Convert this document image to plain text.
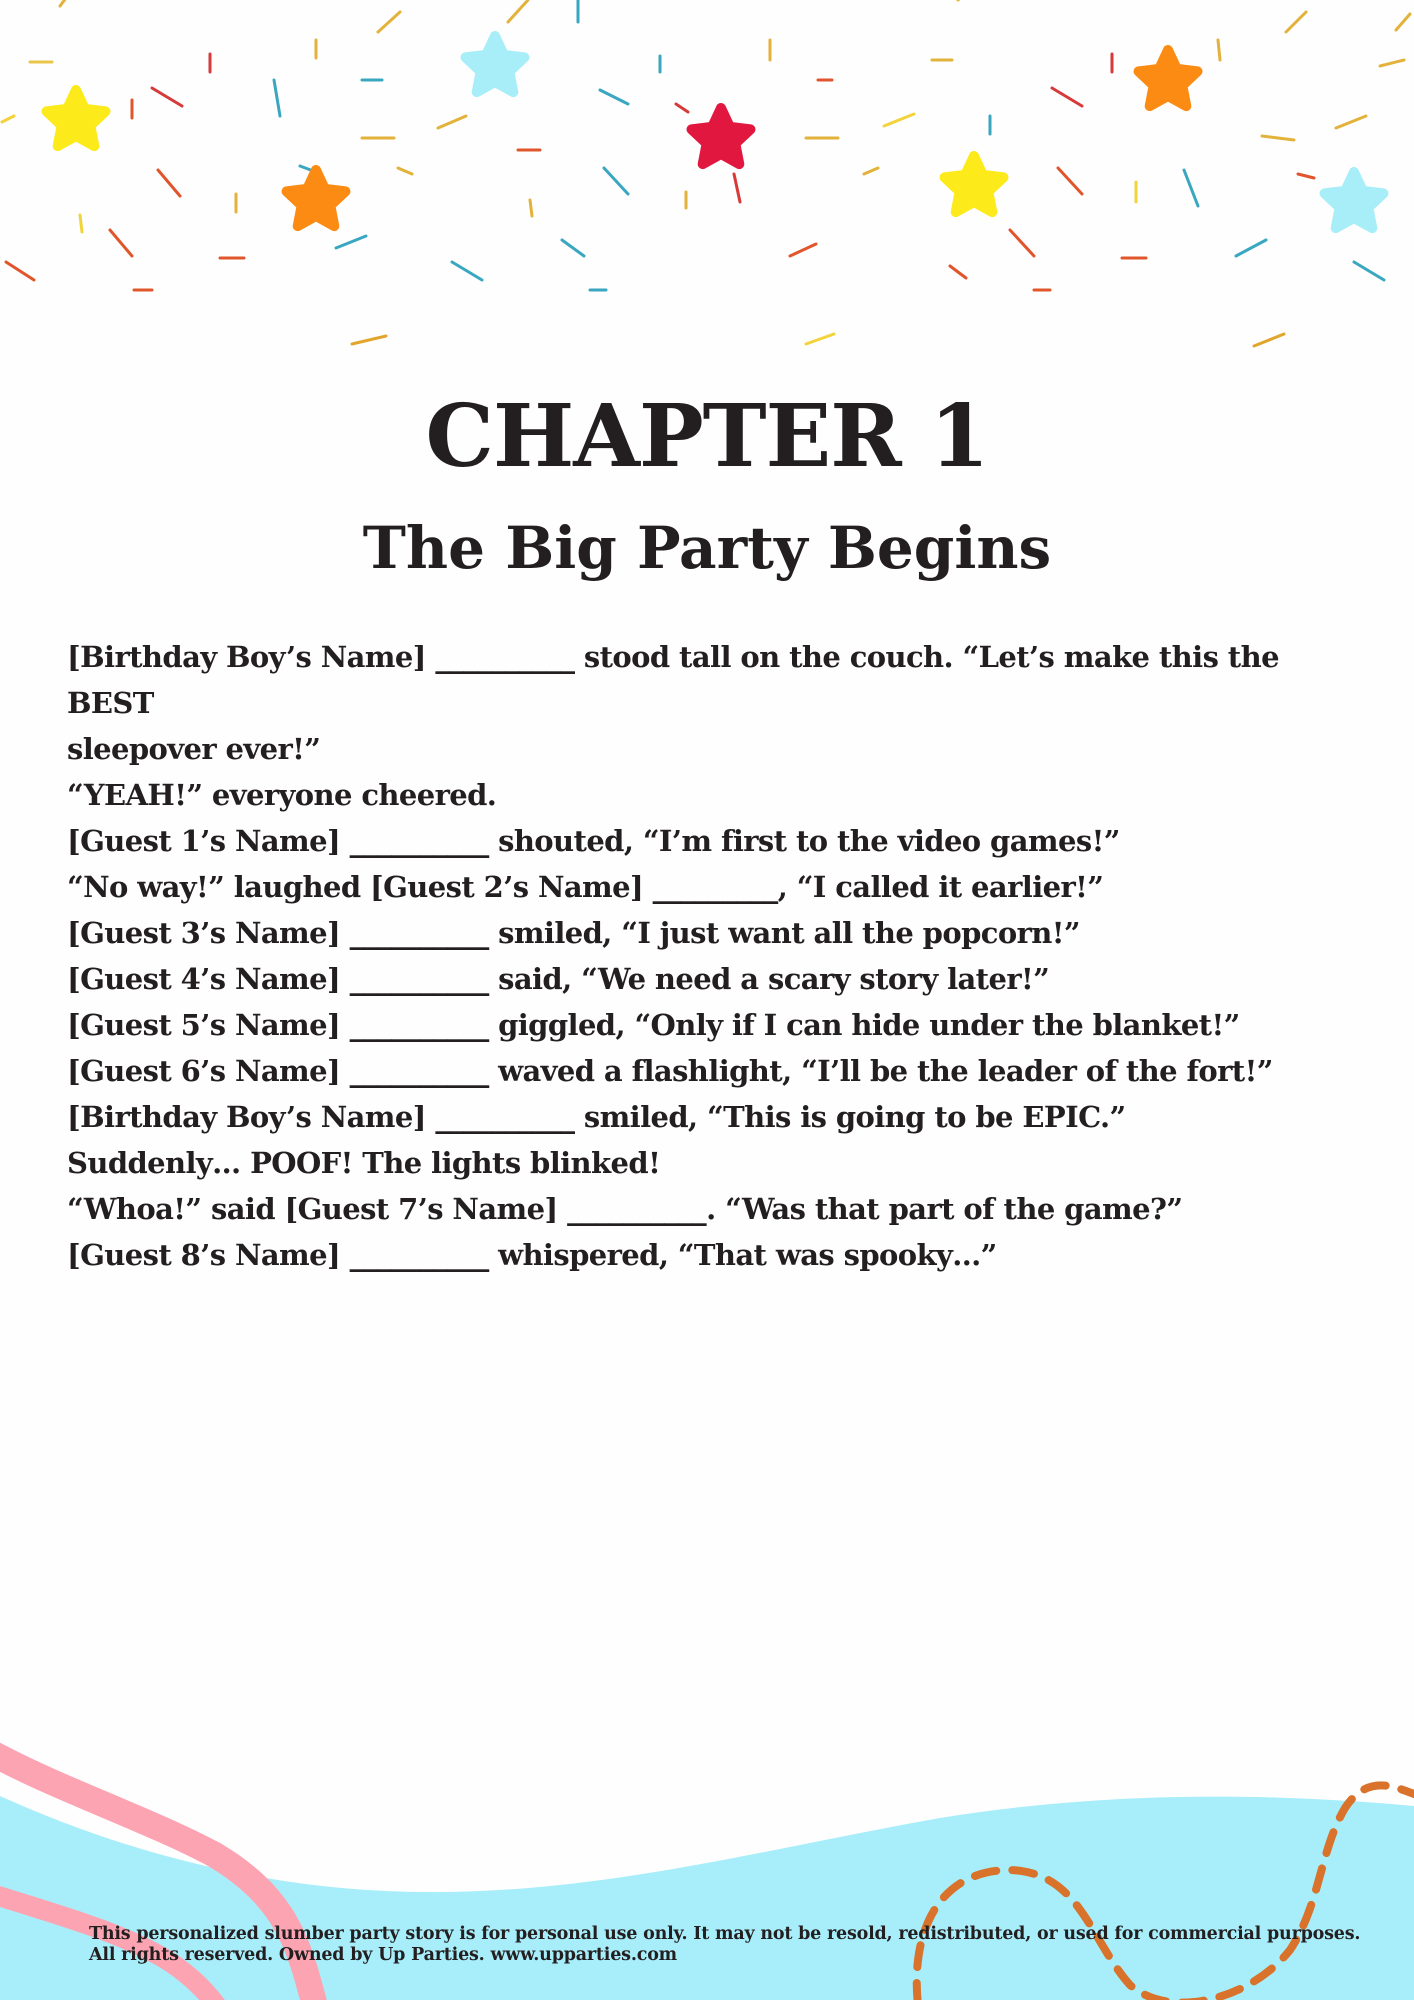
CHAPTER 1
The Big Party Begins
[Birthday Boy’s Name] __________ stood tall on the couch. “Let’s make this the BEST
sleepover ever!”
“YEAH!” everyone cheered.
[Guest 1’s Name] __________ shouted, “I’m first to the video games!”
“No way!” laughed [Guest 2’s Name] _________, “I called it earlier!”
[Guest 3’s Name] __________ smiled, “I just want all the popcorn!”
[Guest 4’s Name] __________ said, “We need a scary story later!”
[Guest 5’s Name] __________ giggled, “Only if I can hide under the blanket!”
[Guest 6’s Name] __________ waved a flashlight, “I’ll be the leader of the fort!”
[Birthday Boy’s Name] __________ smiled, “This is going to be EPIC.”
Suddenly… POOF! The lights blinked!
“Whoa!” said [Guest 7’s Name] __________. “Was that part of the game?”
[Guest 8’s Name] __________ whispered, “That was spooky…”
This personalized slumber party story is for personal use only. It may not be resold, redistributed, or used for commercial purposes.
All rights reserved. Owned by Up Parties. www.upparties.com
